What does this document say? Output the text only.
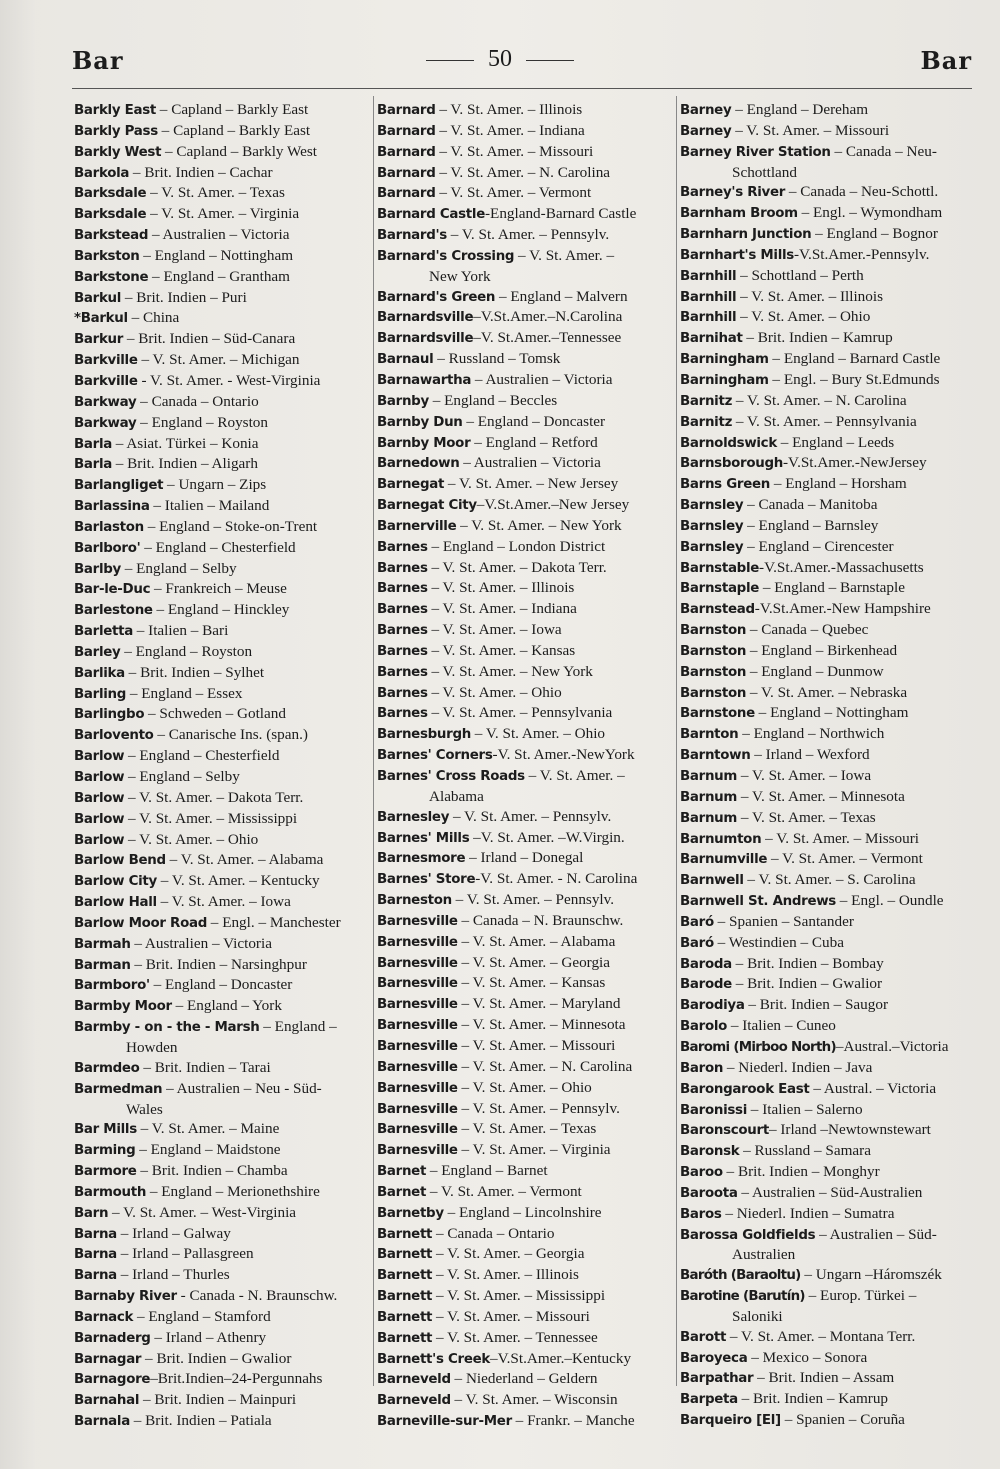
Bar	50	Bar
Barkly East – Capland – Barkly East
Barkly Pass – Capland – Barkly East
Barkly West – Capland – Barkly West
Barkola – Brit. Indien – Cachar
Barksdale – V. St. Amer. – Texas
Barksdale – V. St. Amer. – Virginia
Barkstead – Australien – Victoria
Barkston – England – Nottingham
Barkstone – England – Grantham
Barkul – Brit. Indien – Puri
*Barkul – China
Barkur – Brit. Indien – Süd-Canara
Barkville – V. St. Amer. – Michigan
Barkville - V. St. Amer. - West-Virginia
Barkway – Canada – Ontario
Barkway – England – Royston
Barla – Asiat. Türkei – Konia
Barla – Brit. Indien – Aligarh
Barlangliget – Ungarn – Zips
Barlassina – Italien – Mailand
Barlaston – England – Stoke-on-Trent
Barlboro' – England – Chesterfield
Barlby – England – Selby
Bar-le-Duc – Frankreich – Meuse
Barlestone – England – Hinckley
Barletta – Italien – Bari
Barley – England – Royston
Barlika – Brit. Indien – Sylhet
Barling – England – Essex
Barlingbo – Schweden – Gotland
Barlovento – Canarische Ins. (span.)
Barlow – England – Chesterfield
Barlow – England – Selby
Barlow – V. St. Amer. – Dakota Terr.
Barlow – V. St. Amer. – Mississippi
Barlow – V. St. Amer. – Ohio
Barlow Bend – V. St. Amer. – Alabama
Barlow City – V. St. Amer. – Kentucky
Barlow Hall – V. St. Amer. – Iowa
Barlow Moor Road – Engl. – Manchester
Barmah – Australien – Victoria
Barman – Brit. Indien – Narsinghpur
Barmboro' – England – Doncaster
Barmby Moor – England – York
Barmby - on - the - Marsh – England –
Howden
Barmdeo – Brit. Indien – Tarai
Barmedman – Australien – Neu - Süd-
Wales
Bar Mills – V. St. Amer. – Maine
Barming – England – Maidstone
Barmore – Brit. Indien – Chamba
Barmouth – England – Merionethshire
Barn – V. St. Amer. – West-Virginia
Barna – Irland – Galway
Barna – Irland – Pallasgreen
Barna – Irland – Thurles
Barnaby River - Canada - N. Braunschw.
Barnack – England – Stamford
Barnaderg – Irland – Athenry
Barnagar – Brit. Indien – Gwalior
Barnagore–Brit.Indien–24-Pergunnahs
Barnahal – Brit. Indien – Mainpuri
Barnala – Brit. Indien – Patiala
Barnard – V. St. Amer. – Illinois
Barnard – V. St. Amer. – Indiana
Barnard – V. St. Amer. – Missouri
Barnard – V. St. Amer. – N. Carolina
Barnard – V. St. Amer. – Vermont
Barnard Castle-England-Barnard Castle
Barnard's – V. St. Amer. – Pennsylv.
Barnard's Crossing – V. St. Amer. –
New York
Barnard's Green – England – Malvern
Barnardsville–V.St.Amer.–N.Carolina
Barnardsville–V. St.Amer.–Tennessee
Barnaul – Russland – Tomsk
Barnawartha – Australien – Victoria
Barnby – England – Beccles
Barnby Dun – England – Doncaster
Barnby Moor – England – Retford
Barnedown – Australien – Victoria
Barnegat – V. St. Amer. – New Jersey
Barnegat City–V.St.Amer.–New Jersey
Barnerville – V. St. Amer. – New York
Barnes – England – London District
Barnes – V. St. Amer. – Dakota Terr.
Barnes – V. St. Amer. – Illinois
Barnes – V. St. Amer. – Indiana
Barnes – V. St. Amer. – Iowa
Barnes – V. St. Amer. – Kansas
Barnes – V. St. Amer. – New York
Barnes – V. St. Amer. – Ohio
Barnes – V. St. Amer. – Pennsylvania
Barnesburgh – V. St. Amer. – Ohio
Barnes' Corners-V. St. Amer.-NewYork
Barnes' Cross Roads – V. St. Amer. –
Alabama
Barnesley – V. St. Amer. – Pennsylv.
Barnes' Mills –V. St. Amer. –W.Virgin.
Barnesmore – Irland – Donegal
Barnes' Store-V. St. Amer. - N. Carolina
Barneston – V. St. Amer. – Pennsylv.
Barnesville – Canada – N. Braunschw.
Barnesville – V. St. Amer. – Alabama
Barnesville – V. St. Amer. – Georgia
Barnesville – V. St. Amer. – Kansas
Barnesville – V. St. Amer. – Maryland
Barnesville – V. St. Amer. – Minnesota
Barnesville – V. St. Amer. – Missouri
Barnesville – V. St. Amer. – N. Carolina
Barnesville – V. St. Amer. – Ohio
Barnesville – V. St. Amer. – Pennsylv.
Barnesville – V. St. Amer. – Texas
Barnesville – V. St. Amer. – Virginia
Barnet – England – Barnet
Barnet – V. St. Amer. – Vermont
Barnetby – England – Lincolnshire
Barnett – Canada – Ontario
Barnett – V. St. Amer. – Georgia
Barnett – V. St. Amer. – Illinois
Barnett – V. St. Amer. – Mississippi
Barnett – V. St. Amer. – Missouri
Barnett – V. St. Amer. – Tennessee
Barnett's Creek–V.St.Amer.–Kentucky
Barneveld – Niederland – Geldern
Barneveld – V. St. Amer. – Wisconsin
Barneville-sur-Mer – Frankr. – Manche
Barney – England – Dereham
Barney – V. St. Amer. – Missouri
Barney River Station – Canada – Neu-
Schottland
Barney's River – Canada – Neu-Schottl.
Barnham Broom – Engl. – Wymondham
Barnharn Junction – England – Bognor
Barnhart's Mills-V.St.Amer.-Pennsylv.
Barnhill – Schottland – Perth
Barnhill – V. St. Amer. – Illinois
Barnhill – V. St. Amer. – Ohio
Barnihat – Brit. Indien – Kamrup
Barningham – England – Barnard Castle
Barningham – Engl. – Bury St.Edmunds
Barnitz – V. St. Amer. – N. Carolina
Barnitz – V. St. Amer. – Pennsylvania
Barnoldswick – England – Leeds
Barnsborough-V.St.Amer.-NewJersey
Barns Green – England – Horsham
Barnsley – Canada – Manitoba
Barnsley – England – Barnsley
Barnsley – England – Cirencester
Barnstable-V.St.Amer.-Massachusetts
Barnstaple – England – Barnstaple
Barnstead-V.St.Amer.-New Hampshire
Barnston – Canada – Quebec
Barnston – England – Birkenhead
Barnston – England – Dunmow
Barnston – V. St. Amer. – Nebraska
Barnstone – England – Nottingham
Barnton – England – Northwich
Barntown – Irland – Wexford
Barnum – V. St. Amer. – Iowa
Barnum – V. St. Amer. – Minnesota
Barnum – V. St. Amer. – Texas
Barnumton – V. St. Amer. – Missouri
Barnumville – V. St. Amer. – Vermont
Barnwell – V. St. Amer. – S. Carolina
Barnwell St. Andrews – Engl. – Oundle
Baró – Spanien – Santander
Baró – Westindien – Cuba
Baroda – Brit. Indien – Bombay
Barode – Brit. Indien – Gwalior
Barodiya – Brit. Indien – Saugor
Barolo – Italien – Cuneo
Baromi (Mirboo North)–Austral.–Victoria
Baron – Niederl. Indien – Java
Barongarook East – Austral. – Victoria
Baronissi – Italien – Salerno
Baronscourt– Irland –Newtownstewart
Baronsk – Russland – Samara
Baroo – Brit. Indien – Monghyr
Baroota – Australien – Süd-Australien
Baros – Niederl. Indien – Sumatra
Barossa Goldfields – Australien – Süd-
Australien
Baróth (Baraoltu) – Ungarn –Háromszék
Barotine (Barutín) – Europ. Türkei –
Saloniki
Barott – V. St. Amer. – Montana Terr.
Baroyeca – Mexico – Sonora
Barpathar – Brit. Indien – Assam
Barpeta – Brit. Indien – Kamrup
Barqueiro [El] – Spanien – Coruña
